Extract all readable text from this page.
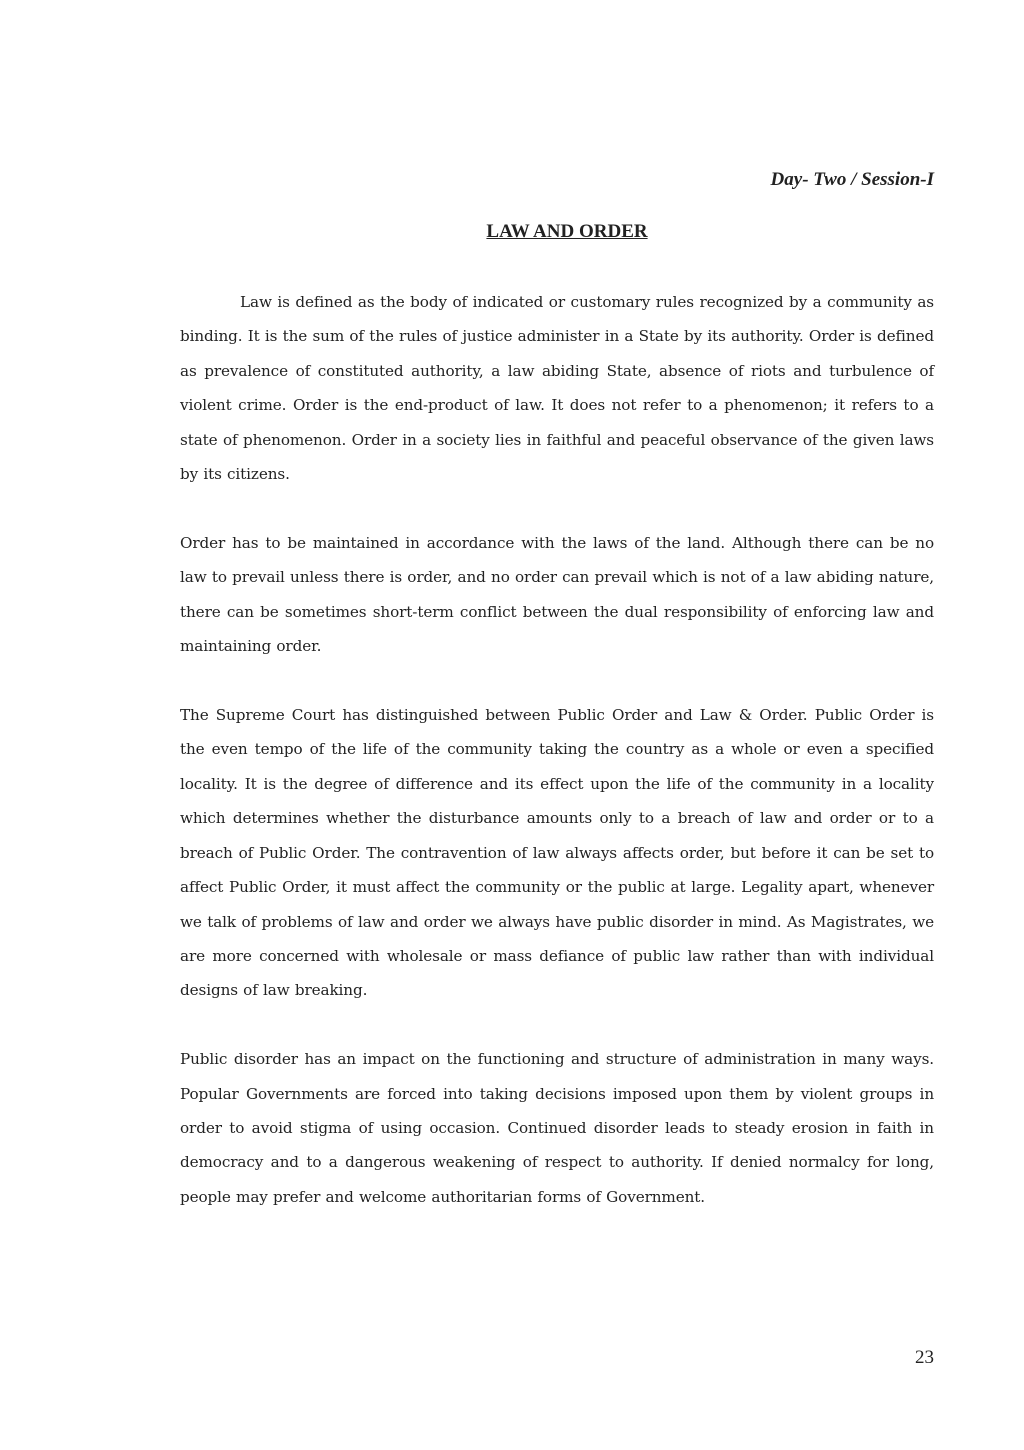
Day- Two / Session-I
LAW AND ORDER

Law is defined as the body of indicated or customary rules recognized by a community as binding. It is the sum of the rules of justice administer in a State by its authority. Order is defined as prevalence of constituted authority, a law abiding State, absence of riots and turbulence of violent crime. Order is the end-product of law. It does not refer to a phenomenon; it refers to a state of phenomenon. Order in a society lies in faithful and peaceful observance of the given laws by its citizens.

Order has to be maintained in accordance with the laws of the land. Although there can be no law to prevail unless there is order, and no order can prevail which is not of a law abiding nature, there can be sometimes short-term conflict between the dual responsibility of enforcing law and maintaining order.

The Supreme Court has distinguished between Public Order and Law & Order. Public Order is the even tempo of the life of the community taking the country as a whole or even a specified locality. It is the degree of difference and its effect upon the life of the community in a locality which determines whether the disturbance amounts only to a breach of law and order or to a breach of Public Order. The contravention of law always affects order, but before it can be set to affect Public Order, it must affect the community or the public at large. Legality apart, whenever we talk of problems of law and order we always have public disorder in mind. As Magistrates, we are more concerned with wholesale or mass defiance of public law rather than with individual designs of law breaking.

Public disorder has an impact on the functioning and structure of administration in many ways. Popular Governments are forced into taking decisions imposed upon them by violent groups in order to avoid stigma of using occasion. Continued disorder leads to steady erosion in faith in democracy and to a dangerous weakening of respect to authority. If denied normalcy for long, people may prefer and welcome authoritarian forms of Government.

23
